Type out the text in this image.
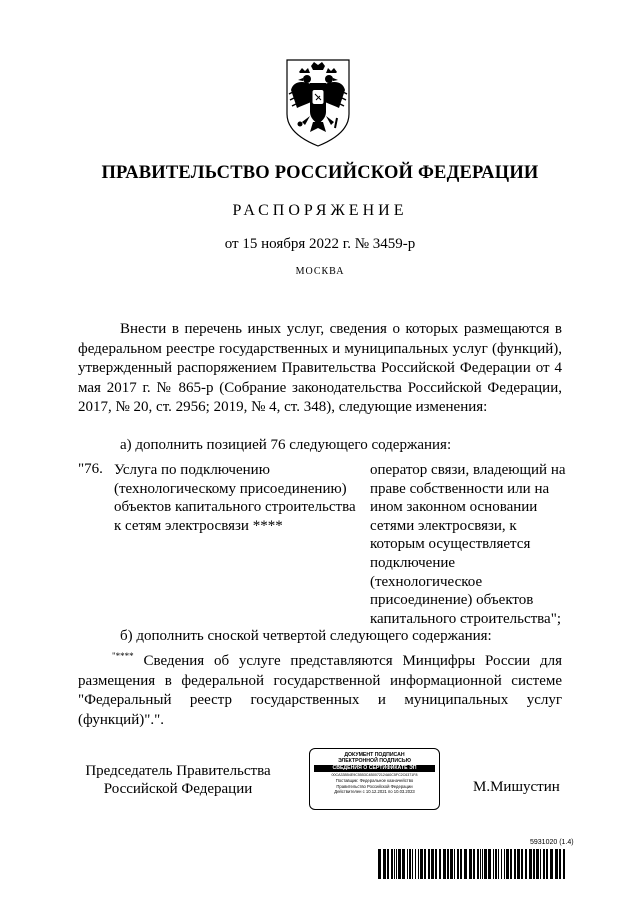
ПРАВИТЕЛЬСТВО РОССИЙСКОЙ ФЕДЕРАЦИИ
РАСПОРЯЖЕНИЕ
от 15 ноября 2022 г. № 3459-р
МОСКВА
Внести в перечень иных услуг, сведения о которых размещаются в федеральном реестре государственных и муниципальных услуг (функций), утвержденный распоряжением Правительства Российской Федерации от 4 мая 2017 г. № 865-р (Собрание законодательства Российской Федерации, 2017, № 20, ст. 2956; 2019, № 4, ст. 348), следующие изменения:
а) дополнить позицией 76 следующего содержания:
"76. Услуга по подключению (технологическому присоединению) объектов капитального строительства к сетям электросвязи ****
оператор связи, владеющий на праве собственности или на ином законном основании сетями электросвязи, к которым осуществляется подключение (технологическое присоединение) объектов капитального строительства";
б) дополнить сноской четвертой следующего содержания:
"**** Сведения об услуге представляются Минцифры России для размещения в федеральной государственной информационной системе "Федеральный реестр государственных и муниципальных услуг (функций)".".
Председатель Правительства Российской Федерации
ДОКУМЕНТ ПОДПИСАН
ЭЛЕКТРОННОЙ ПОДПИСЬЮ
СВЕДЕНИЯ О СЕРТИФИКАТЕ ЭП
00CA33B54E9C5553C4B0072124A0C5FC2C6371F8
Поставщик: Федеральное казначейство
Правительство Российской Федерации
Действителен с 10.12.2021 по 10.03.2023	М.Мишустин
5931020 (1.4)
